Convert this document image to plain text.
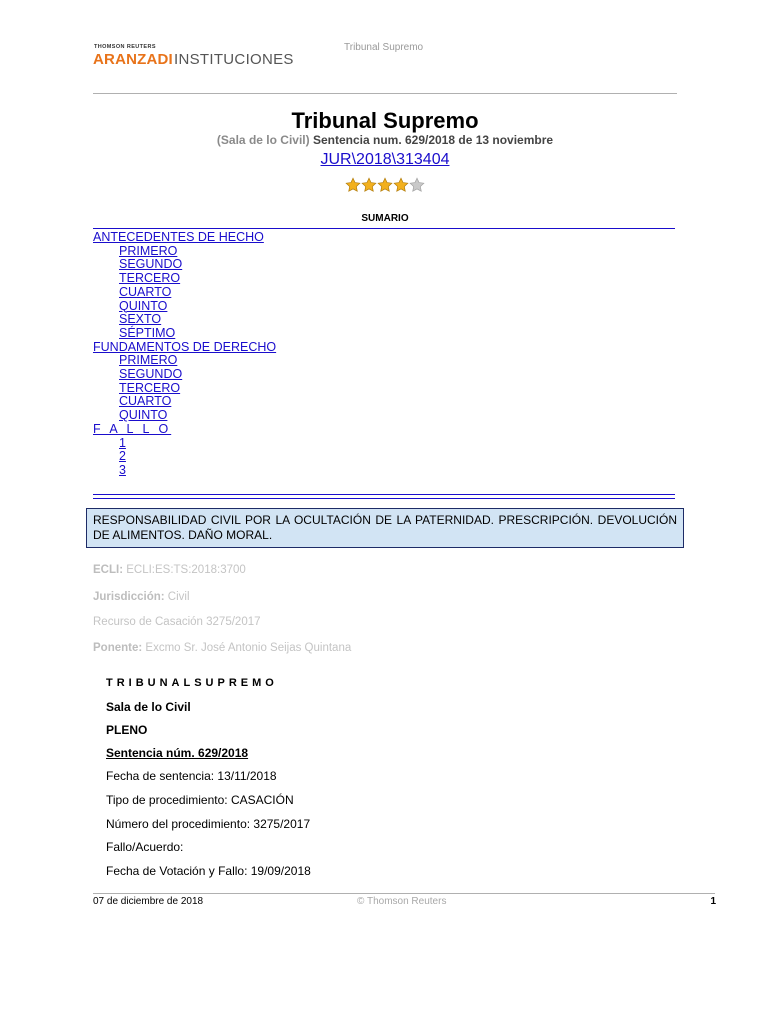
THOMSON REUTERS
ARANZADI INSTITUCIONES
Tribunal Supremo
Tribunal Supremo
(Sala de lo Civil) Sentencia num. 629/2018 de 13 noviembre
JUR\2018\313404
SUMARIO
ANTECEDENTES DE HECHO
PRIMERO
SEGUNDO
TERCERO
CUARTO
QUINTO
SEXTO
SÉPTIMO
FUNDAMENTOS DE DERECHO
PRIMERO
SEGUNDO
TERCERO
CUARTO
QUINTO
F A L L O
1
2
3
RESPONSABILIDAD CIVIL POR LA OCULTACIÓN DE LA PATERNIDAD. PRESCRIPCIÓN. DEVOLUCIÓN DE ALIMENTOS. DAÑO MORAL.
ECLI: ECLI:ES:TS:2018:3700
Jurisdicción: Civil
Recurso de Casación 3275/2017
Ponente: Excmo Sr. José Antonio Seijas Quintana
TRIBUNALSUPREMO
Sala de lo Civil
PLENO
Sentencia núm. 629/2018
Fecha de sentencia: 13/11/2018
Tipo de procedimiento: CASACIÓN
Número del procedimiento: 3275/2017
Fallo/Acuerdo:
Fecha de Votación y Fallo: 19/09/2018
07 de diciembre de 2018	© Thomson Reuters	1
